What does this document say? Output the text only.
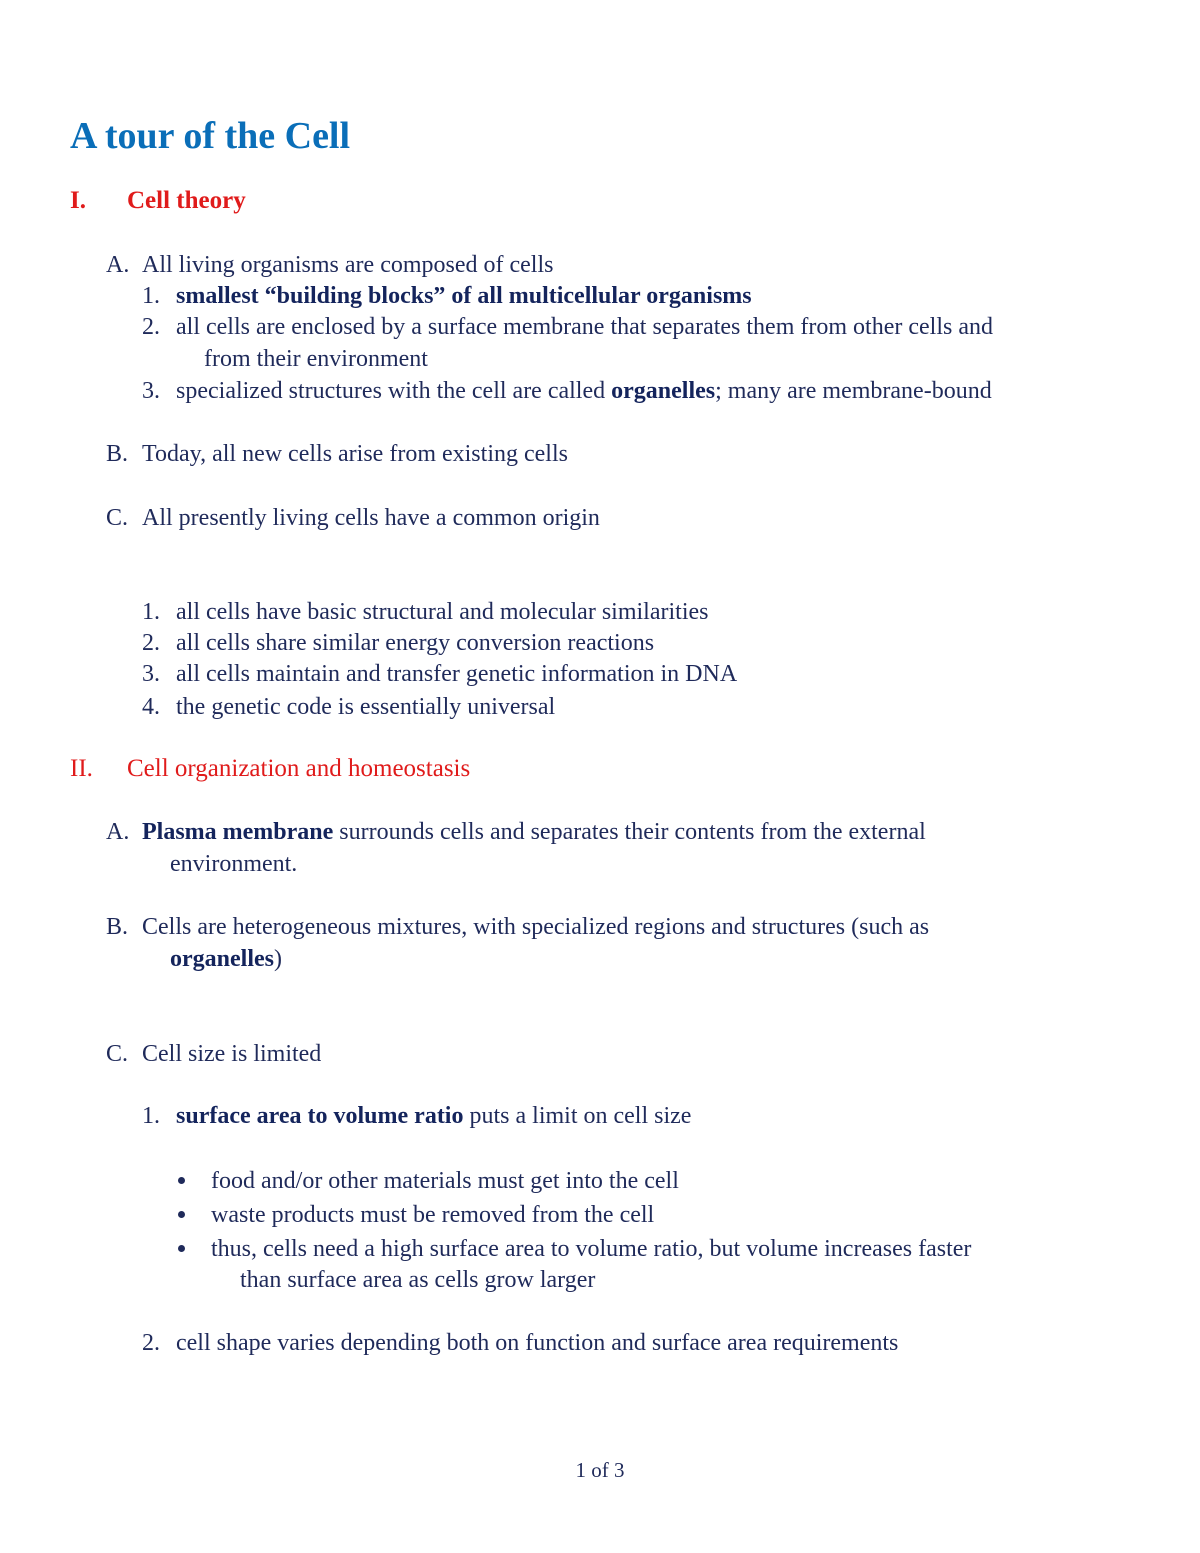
A tour of the Cell
I. Cell theory
A. All living organisms are composed of cells
1. smallest “building blocks” of all multicellular organisms
2. all cells are enclosed by a surface membrane that separates them from other cells and
from their environment
3. specialized structures with the cell are called organelles; many are membrane-bound
B. Today, all new cells arise from existing cells
C. All presently living cells have a common origin
1. all cells have basic structural and molecular similarities
2. all cells share similar energy conversion reactions
3. all cells maintain and transfer genetic information in DNA
4. the genetic code is essentially universal
II. Cell organization and homeostasis
A. Plasma membrane surrounds cells and separates their contents from the external
environment.
B. Cells are heterogeneous mixtures, with specialized regions and structures (such as
organelles)
C. Cell size is limited
1. surface area to volume ratio puts a limit on cell size
food and/or other materials must get into the cell
waste products must be removed from the cell
thus, cells need a high surface area to volume ratio, but volume increases faster
than surface area as cells grow larger
2. cell shape varies depending both on function and surface area requirements
1 of 3
